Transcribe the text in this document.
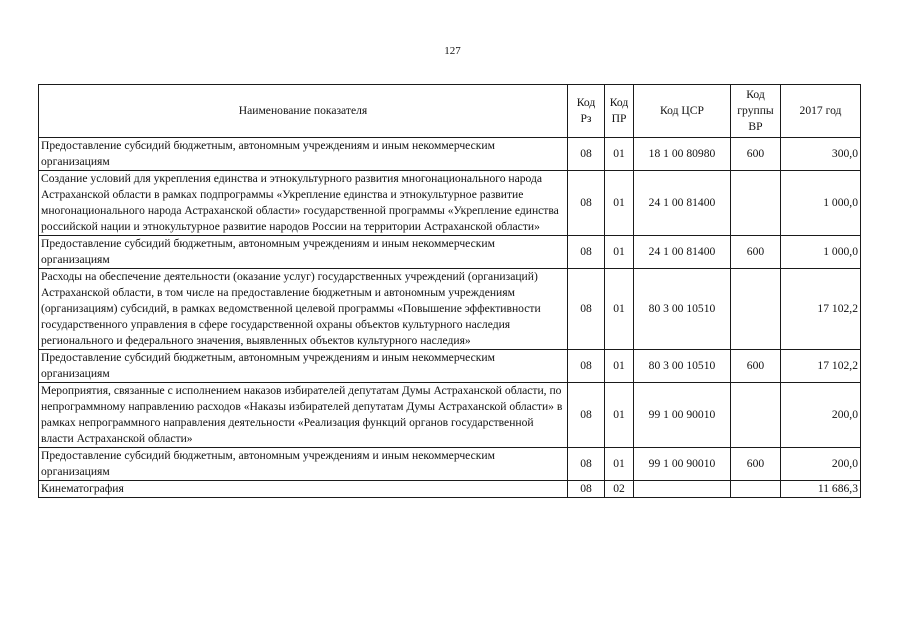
127
Наименование показателя	Код Рз	Код ПР	Код ЦСР	Код группы ВР	2017 год
Предоставление субсидий бюджетным, автономным учреждениям и иным некоммерческим организациям	08	01	18 1 00 80980	600	300,0
Создание условий для укрепления единства и этнокультурного развития многонационального народа Астраханской области в рамках подпрограммы «Укрепление единства и этнокультурное развитие многонационального народа Астраханской области» государственной программы «Укрепление единства российской нации и этнокультурное развитие народов России на территории Астраханской области»	08	01	24 1 00 81400		1 000,0
Предоставление субсидий бюджетным, автономным учреждениям и иным некоммерческим организациям	08	01	24 1 00 81400	600	1 000,0
Расходы на обеспечение деятельности (оказание услуг) государственных учреждений (организаций) Астраханской области, в том числе на предоставление бюджетным и автономным учреждениям (организациям) субсидий, в рамках ведомственной целевой программы «Повышение эффективности государственного управления в сфере государственной охраны объектов культурного наследия регионального и федерального значения, выявленных объектов культурного наследия»	08	01	80 3 00 10510		17 102,2
Предоставление субсидий бюджетным, автономным учреждениям и иным некоммерческим организациям	08	01	80 3 00 10510	600	17 102,2
Мероприятия, связанные с исполнением наказов избирателей депутатам Думы Астраханской области, по непрограммному направлению расходов «Наказы избирателей депутатам Думы Астраханской области» в рамках непрограммного направления деятельности «Реализация функций органов государственной власти Астраханской области»	08	01	99 1 00 90010		200,0
Предоставление субсидий бюджетным, автономным учреждениям и иным некоммерческим организациям	08	01	99 1 00 90010	600	200,0
Кинематография	08	02			11 686,3
